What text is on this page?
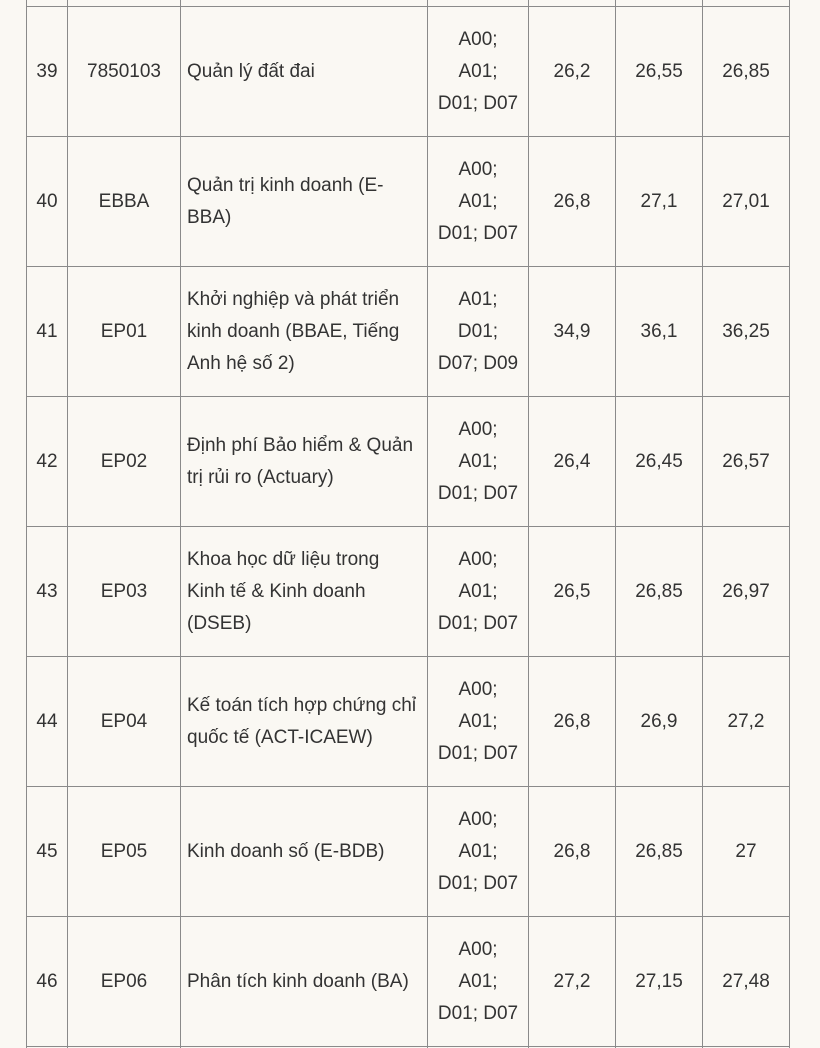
39	7850103	Quản lý đất đai	A00;
A01;
D01; D07	26,2	26,55	26,85
40	EBBA	Quản trị kinh doanh (E-BBA)	A00;
A01;
D01; D07	26,8	27,1	27,01
41	EP01	Khởi nghiệp và phát triển kinh doanh (BBAE, Tiếng Anh hệ số 2)	A01;
D01;
D07; D09	34,9	36,1	36,25
42	EP02	Định phí Bảo hiểm & Quản trị rủi ro (Actuary)	A00;
A01;
D01; D07	26,4	26,45	26,57
43	EP03	Khoa học dữ liệu trong Kinh tế & Kinh doanh (DSEB)	A00;
A01;
D01; D07	26,5	26,85	26,97
44	EP04	Kế toán tích hợp chứng chỉ quốc tế (ACT-ICAEW)	A00;
A01;
D01; D07	26,8	26,9	27,2
45	EP05	Kinh doanh số (E-BDB)	A00;
A01;
D01; D07	26,8	26,85	27
46	EP06	Phân tích kinh doanh (BA)	A00;
A01;
D01; D07	27,2	27,15	27,48
